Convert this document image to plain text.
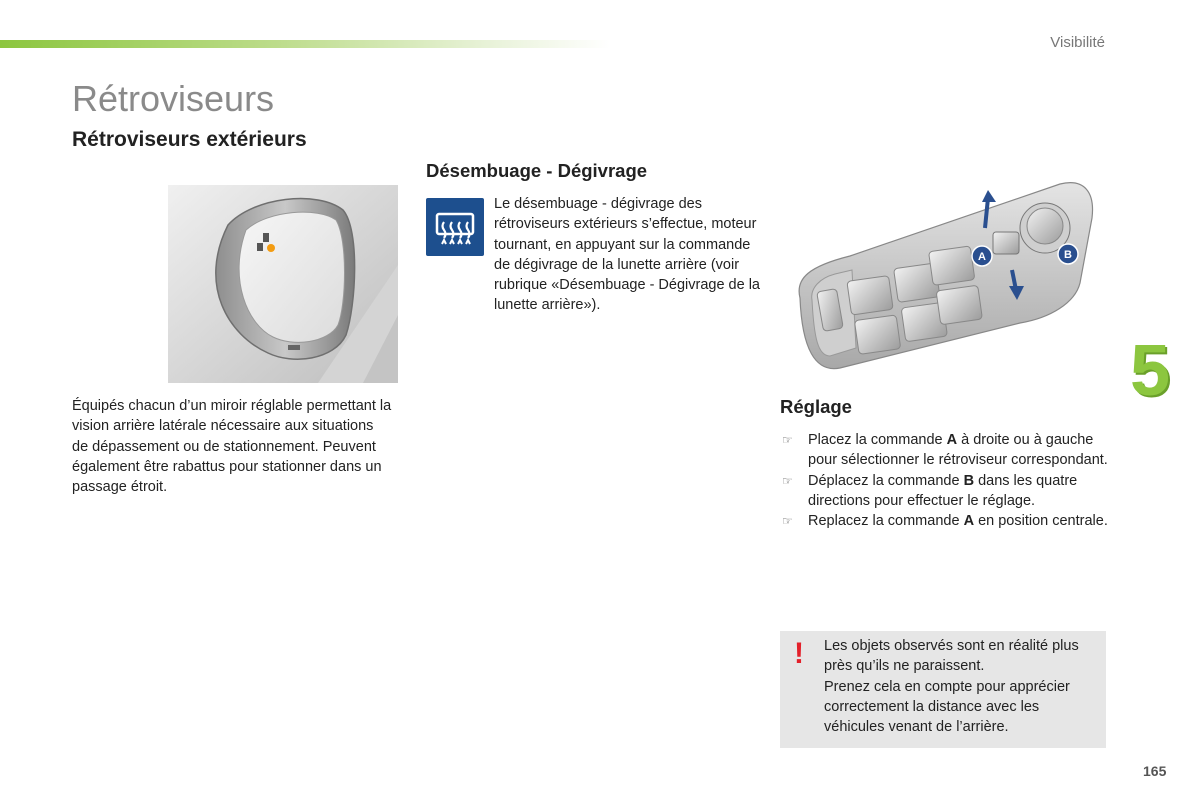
Visibilité
Rétroviseurs
Rétroviseurs extérieurs
Équipés chacun d’un miroir réglable permettant la vision arrière latérale nécessaire aux situations de dépassement ou de stationnement. Peuvent également être rabattus pour stationner dans un passage étroit.
Désembuage - Dégivrage
Le désembuage - dégivrage des rétroviseurs extérieurs s’effectue, moteur tournant, en appuyant sur la commande de dégivrage de la lunette arrière (voir rubrique «Désembuage - Dégivrage de la lunette arrière»).
A	B
5
Réglage
☞ Placez la commande A à droite ou à gauche pour sélectionner le rétroviseur correspondant.
☞ Déplacez la commande B dans les quatre directions pour effectuer le réglage.
☞ Replacez la commande A en position centrale.
! Les objets observés sont en réalité plus près qu’ils ne paraissent.
Prenez cela en compte pour apprécier correctement la distance avec les véhicules venant de l’arrière.
165
